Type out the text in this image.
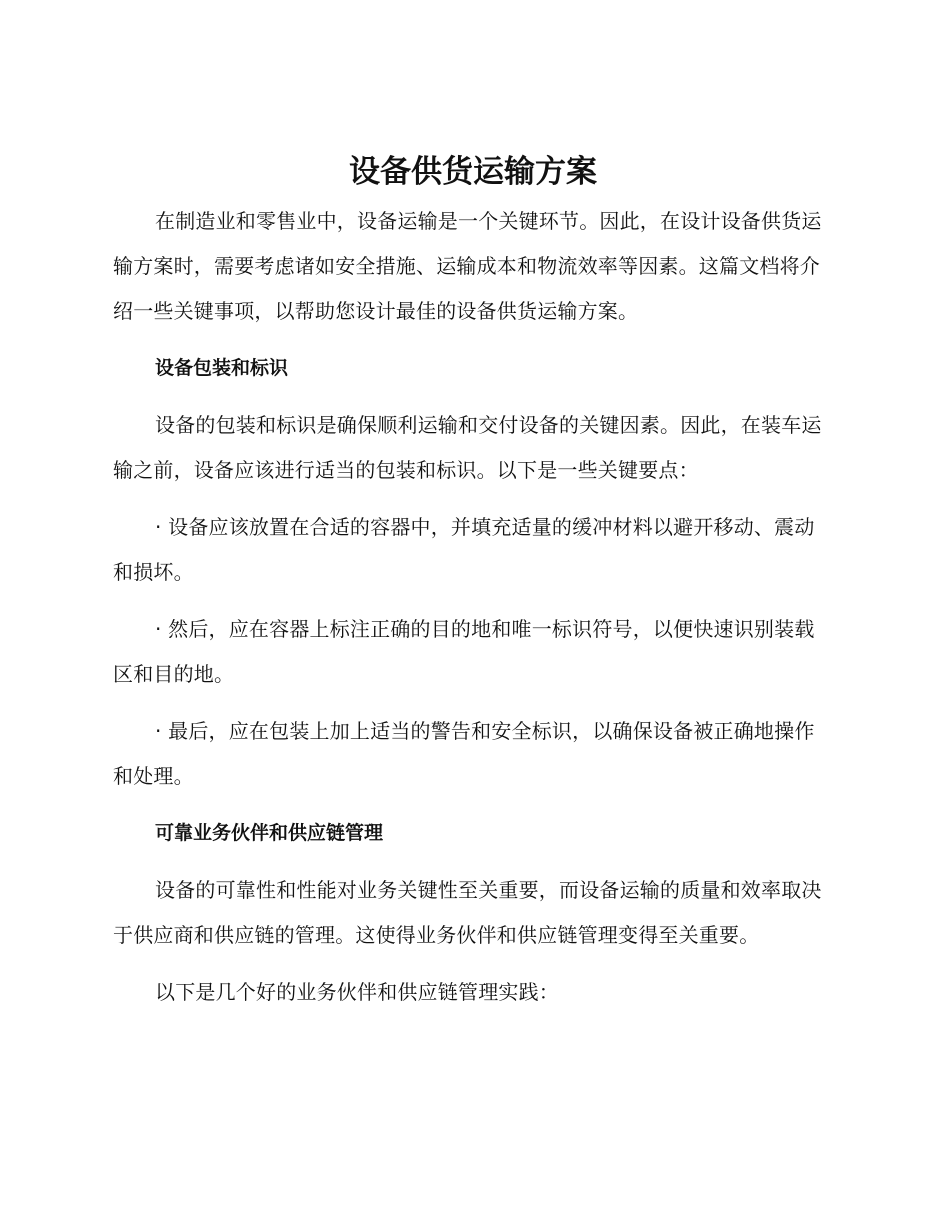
设备供货运输方案

在制造业和零售业中，设备运输是一个关键环节。因此，在设计设备供货运输方案时，需要考虑诸如安全措施、运输成本和物流效率等因素。这篇文档将介绍一些关键事项，以帮助您设计最佳的设备供货运输方案。

设备包装和标识

设备的包装和标识是确保顺利运输和交付设备的关键因素。因此，在装车运输之前，设备应该进行适当的包装和标识。以下是一些关键要点：

· 设备应该放置在合适的容器中，并填充适量的缓冲材料以避开移动、震动和损坏。

· 然后，应在容器上标注正确的目的地和唯一标识符号，以便快速识别装载区和目的地。

· 最后，应在包装上加上适当的警告和安全标识，以确保设备被正确地操作和处理。

可靠业务伙伴和供应链管理

设备的可靠性和性能对业务关键性至关重要，而设备运输的质量和效率取决于供应商和供应链的管理。这使得业务伙伴和供应链管理变得至关重要。

以下是几个好的业务伙伴和供应链管理实践：
